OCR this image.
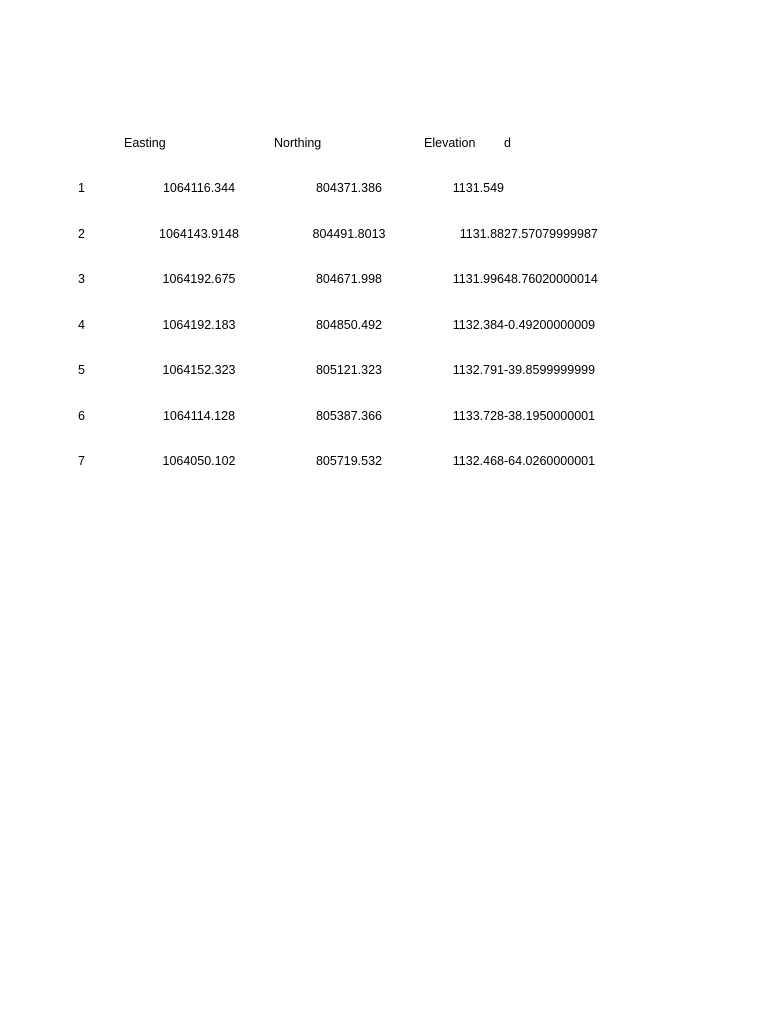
	Easting	Northing	Elevation	d
1	1064116.344	804371.386	1131.549	
2	1064143.9148	804491.8013	1131.88	27.57079999987
3	1064192.675	804671.998	1131.996	48.76020000014
4	1064192.183	804850.492	1132.384	-0.49200000009
5	1064152.323	805121.323	1132.791	-39.8599999999
6	1064114.128	805387.366	1133.728	-38.1950000001
7	1064050.102	805719.532	1132.468	-64.0260000001
